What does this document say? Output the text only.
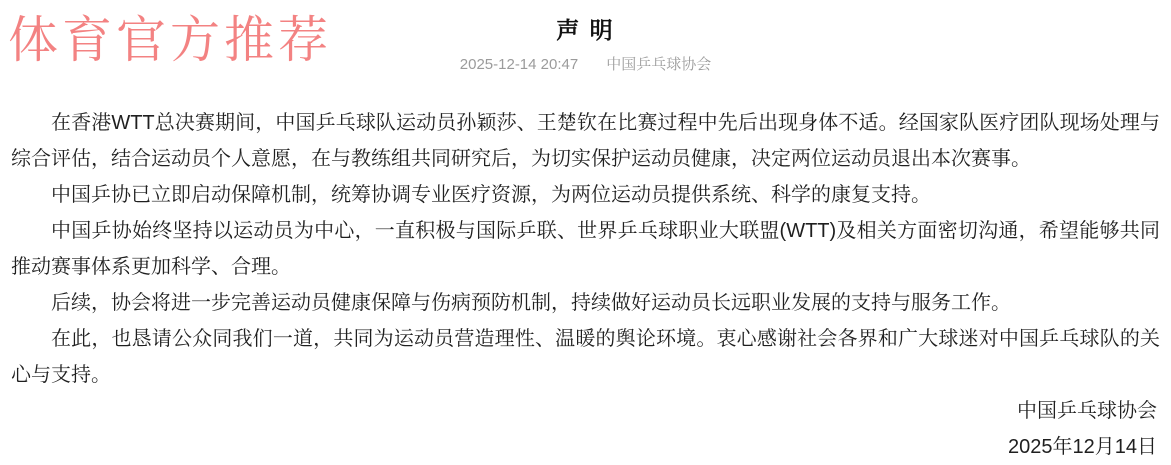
体育官方推荐	声 明
2025-12-14 20:47 中国乒乓球协会

在香港WTT总决赛期间，中国乒乓球队运动员孙颖莎、王楚钦在比赛过程中先后出现身体不适。经国家队医疗团队现场处理与综合评估，结合运动员个人意愿，在与教练组共同研究后，为切实保护运动员健康，决定两位运动员退出本次赛事。

中国乒协已立即启动保障机制，统筹协调专业医疗资源，为两位运动员提供系统、科学的康复支持。

中国乒协始终坚持以运动员为中心，一直积极与国际乒联、世界乒乓球职业大联盟(WTT)及相关方面密切沟通，希望能够共同推动赛事体系更加科学、合理。

后续，协会将进一步完善运动员健康保障与伤病预防机制，持续做好运动员长远职业发展的支持与服务工作。

在此，也恳请公众同我们一道，共同为运动员营造理性、温暖的舆论环境。衷心感谢社会各界和广大球迷对中国乒乓球队的关心与支持。

中国乒乓球协会
2025年12月14日
